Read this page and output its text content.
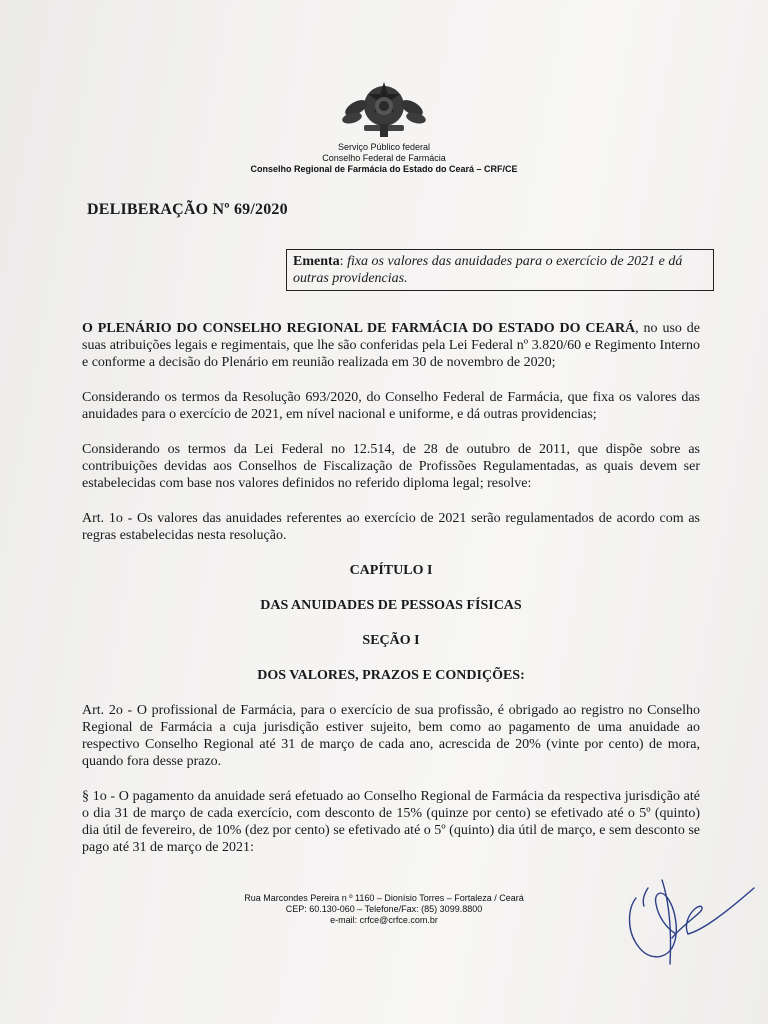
Serviço Público federal
Conselho Federal de Farmácia
Conselho Regional de Farmácia do Estado do Ceará – CRF/CE
DELIBERAÇÃO Nº 69/2020
Ementa: fixa os valores das anuidades para o exercício de 2021 e dá outras providencias.

O PLENÁRIO DO CONSELHO REGIONAL DE FARMÁCIA DO ESTADO DO CEARÁ, no uso de suas atribuições legais e regimentais, que lhe são conferidas pela Lei Federal nº 3.820/60 e Regimento Interno e conforme a decisão do Plenário em reunião realizada em 30 de novembro de 2020;

Considerando os termos da Resolução 693/2020, do Conselho Federal de Farmácia, que fixa os valores das anuidades para o exercício de 2021, em nível nacional e uniforme, e dá outras providencias;

Considerando os termos da Lei Federal no 12.514, de 28 de outubro de 2011, que dispõe sobre as contribuições devidas aos Conselhos de Fiscalização de Profissões Regulamentadas, as quais devem ser estabelecidas com base nos valores definidos no referido diploma legal; resolve:

Art. 1o - Os valores das anuidades referentes ao exercício de 2021 serão regulamentados de acordo com as regras estabelecidas nesta resolução.

CAPÍTULO I

DAS ANUIDADES DE PESSOAS FÍSICAS

SEÇÃO I

DOS VALORES, PRAZOS E CONDIÇÕES:

Art. 2o - O profissional de Farmácia, para o exercício de sua profissão, é obrigado ao registro no Conselho Regional de Farmácia a cuja jurisdição estiver sujeito, bem como ao pagamento de uma anuidade ao respectivo Conselho Regional até 31 de março de cada ano, acrescida de 20% (vinte por cento) de mora, quando fora desse prazo.

§ 1o - O pagamento da anuidade será efetuado ao Conselho Regional de Farmácia da respectiva jurisdição até o dia 31 de março de cada exercício, com desconto de 15% (quinze por cento) se efetivado até o 5º (quinto) dia útil de fevereiro, de 10% (dez por cento) se efetivado até o 5º (quinto) dia útil de março, e sem desconto se pago até 31 de março de 2021:

Rua Marcondes Pereira n º 1160 – Dionísio Torres – Fortaleza / Ceará
CEP: 60.130-060 – Telefone/Fax: (85) 3099.8800
e-mail: crfce@crfce.com.br
